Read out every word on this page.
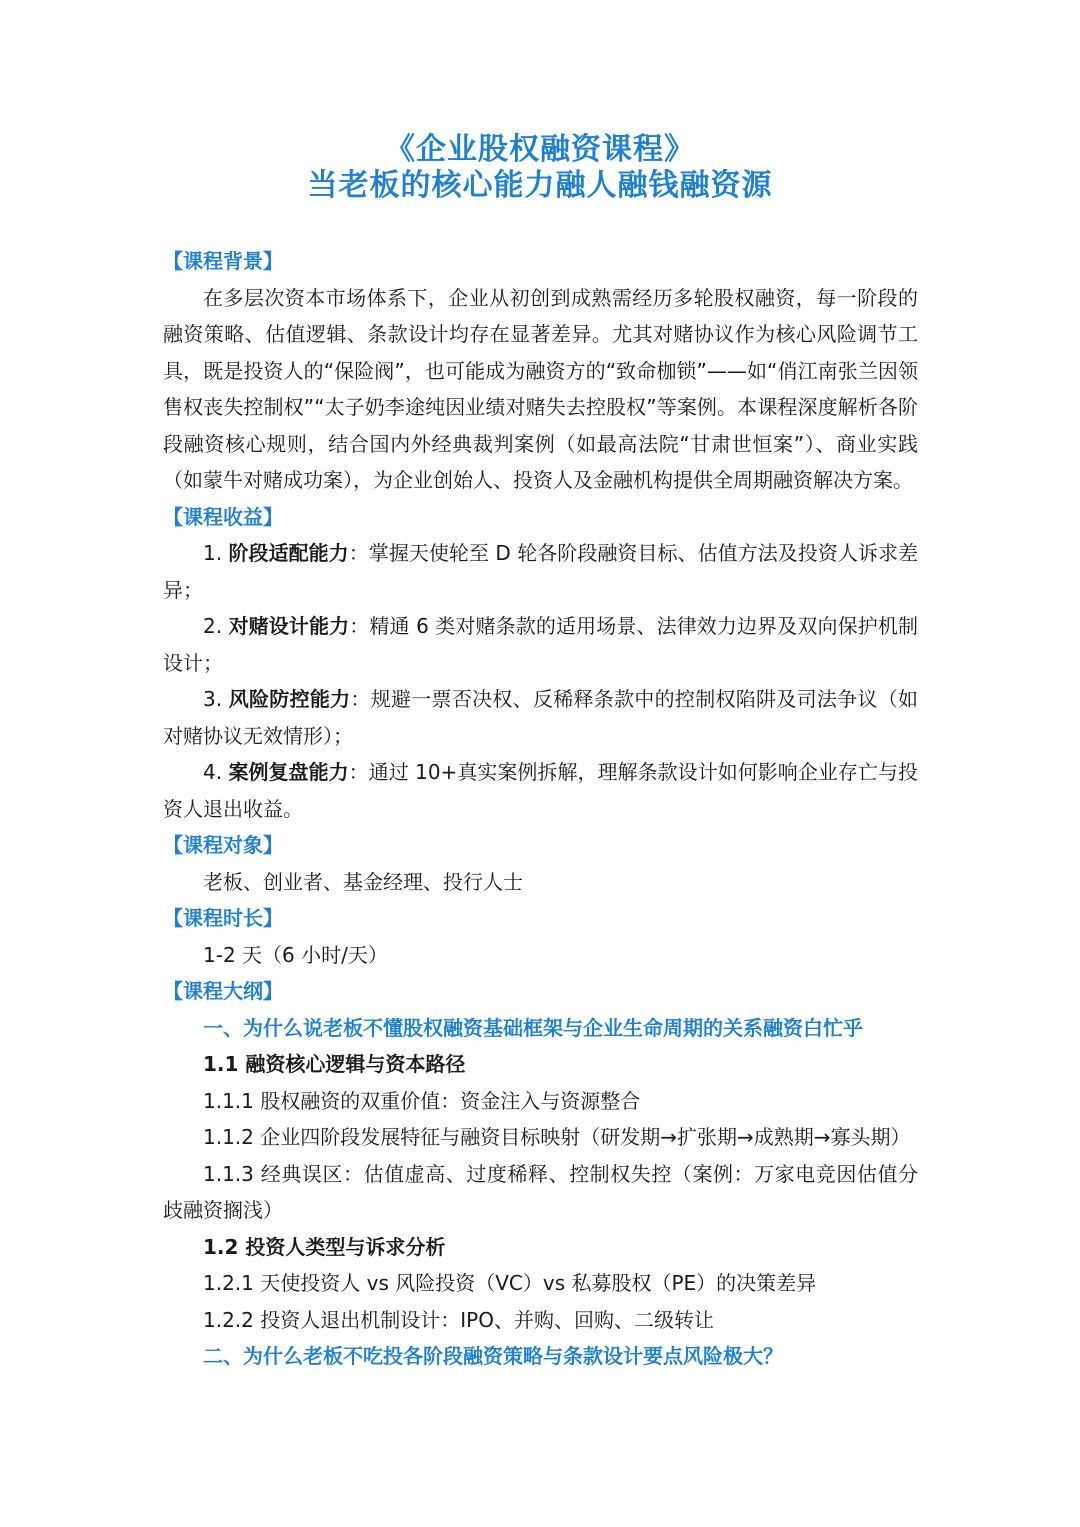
《企业股权融资课程》
当老板的核心能力融人融钱融资源

【课程背景】

在多层次资本市场体系下，企业从初创到成熟需经历多轮股权融资，每一阶段的融资策略、估值逻辑、条款设计均存在显著差异。尤其对赌协议作为核心风险调节工具，既是投资人的“保险阀”，也可能成为融资方的“致命枷锁”——如“俏江南张兰因领售权丧失控制权”“太子奶李途纯因业绩对赌失去控股权”等案例。本课程深度解析各阶段融资核心规则，结合国内外经典裁判案例（如最高法院“甘肃世恒案”）、商业实践（如蒙牛对赌成功案），为企业创始人、投资人及金融机构提供全周期融资解决方案。

【课程收益】

1. 阶段适配能力：掌握天使轮至 D 轮各阶段融资目标、估值方法及投资人诉求差异；

2. 对赌设计能力：精通 6 类对赌条款的适用场景、法律效力边界及双向保护机制设计；

3. 风险防控能力：规避一票否决权、反稀释条款中的控制权陷阱及司法争议（如对赌协议无效情形）；

4. 案例复盘能力：通过 10+真实案例拆解，理解条款设计如何影响企业存亡与投资人退出收益。

【课程对象】

老板、创业者、基金经理、投行人士

【课程时长】

1-2 天（6 小时/天）

【课程大纲】

一、为什么说老板不懂股权融资基础框架与企业生命周期的关系融资白忙乎

1.1 融资核心逻辑与资本路径

1.1.1 股权融资的双重价值：资金注入与资源整合

1.1.2 企业四阶段发展特征与融资目标映射（研发期→扩张期→成熟期→寡头期）

1.1.3 经典误区：估值虚高、过度稀释、控制权失控（案例：万家电竞因估值分歧融资搁浅）

1.2 投资人类型与诉求分析

1.2.1 天使投资人 vs 风险投资（VC）vs 私募股权（PE）的决策差异

1.2.2 投资人退出机制设计：IPO、并购、回购、二级转让

二、为什么老板不吃投各阶段融资策略与条款设计要点风险极大？
